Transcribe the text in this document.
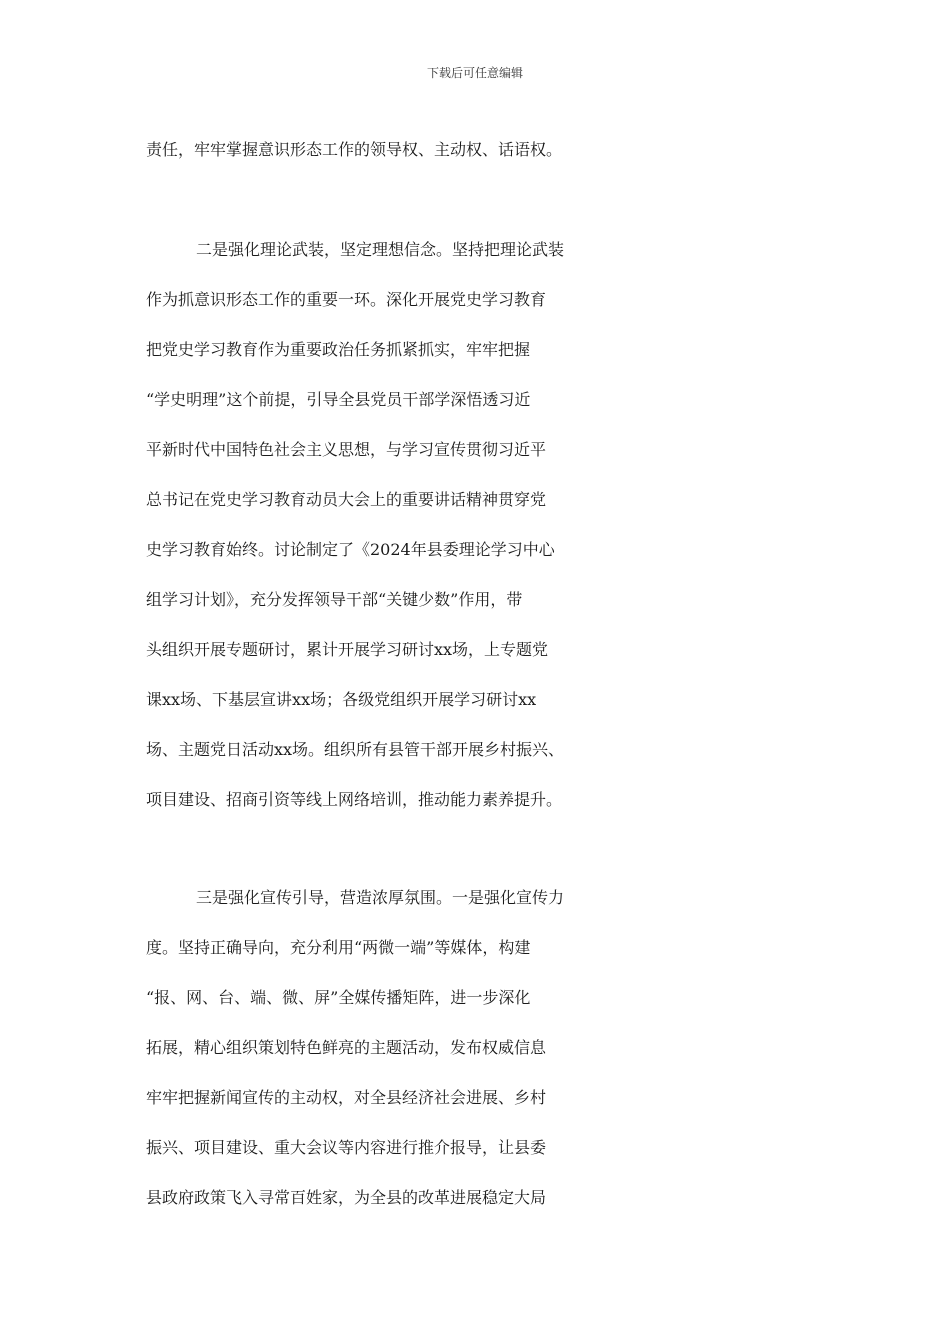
下载后可任意编辑
责任，牢牢掌握意识形态工作的领导权、主动权、话语权。
二是强化理论武装，坚定理想信念。坚持把理论武装
作为抓意识形态工作的重要一环。深化开展党史学习教育
把党史学习教育作为重要政治任务抓紧抓实，牢牢把握
“学史明理”这个前提，引导全县党员干部学深悟透习近
平新时代中国特色社会主义思想，与学习宣传贯彻习近平
总书记在党史学习教育动员大会上的重要讲话精神贯穿党
史学习教育始终。讨论制定了《2024年县委理论学习中心
组学习计划》，充分发挥领导干部“关键少数”作用，带
头组织开展专题研讨，累计开展学习研讨xx场，上专题党
课xx场、下基层宣讲xx场；各级党组织开展学习研讨xx
场、主题党日活动xx场。组织所有县管干部开展乡村振兴、
项目建设、招商引资等线上网络培训，推动能力素养提升。
三是强化宣传引导，营造浓厚氛围。一是强化宣传力
度。坚持正确导向，充分利用“两微一端”等媒体，构建
“报、网、台、端、微、屏”全媒传播矩阵，进一步深化
拓展，精心组织策划特色鲜亮的主题活动，发布权威信息
牢牢把握新闻宣传的主动权，对全县经济社会进展、乡村
振兴、项目建设、重大会议等内容进行推介报导，让县委
县政府政策飞入寻常百姓家，为全县的改革进展稳定大局
